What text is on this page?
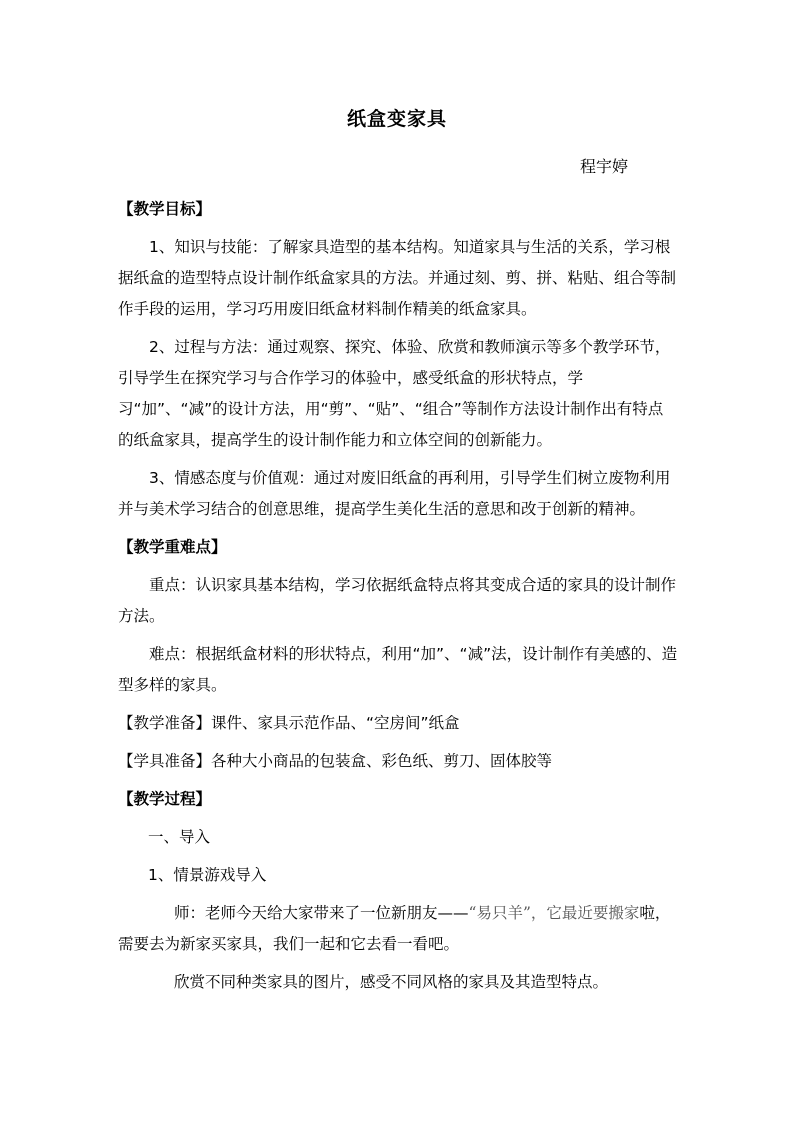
纸盒变家具
程宇婷
【教学目标】
1、知识与技能：了解家具造型的基本结构。知道家具与生活的关系，学习根据纸盒的造型特点设计制作纸盒家具的方法。并通过刻、剪、拼、粘贴、组合等制作手段的运用，学习巧用废旧纸盒材料制作精美的纸盒家具。
2、过程与方法：通过观察、探究、体验、欣赏和教师演示等多个教学环节，引导学生在探究学习与合作学习的体验中，感受纸盒的形状特点，学习“加”、“减”的设计方法，用“剪”、“贴”、“组合”等制作方法设计制作出有特点的纸盒家具，提高学生的设计制作能力和立体空间的创新能力。
3、情感态度与价值观：通过对废旧纸盒的再利用，引导学生们树立废物利用并与美术学习结合的创意思维，提高学生美化生活的意思和改于创新的精神。
【教学重难点】
重点：认识家具基本结构，学习依据纸盒特点将其变成合适的家具的设计制作方法。
难点：根据纸盒材料的形状特点，利用“加”、“减”法，设计制作有美感的、造型多样的家具。
【教学准备】课件、家具示范作品、“空房间”纸盒
【学具准备】各种大小商品的包装盒、彩色纸、剪刀、固体胶等
【教学过程】
一、导入
1、情景游戏导入
师：老师今天给大家带来了一位新朋友——“易只羊”，它最近要搬家啦，需要去为新家买家具，我们一起和它去看一看吧。
欣赏不同种类家具的图片，感受不同风格的家具及其造型特点。
